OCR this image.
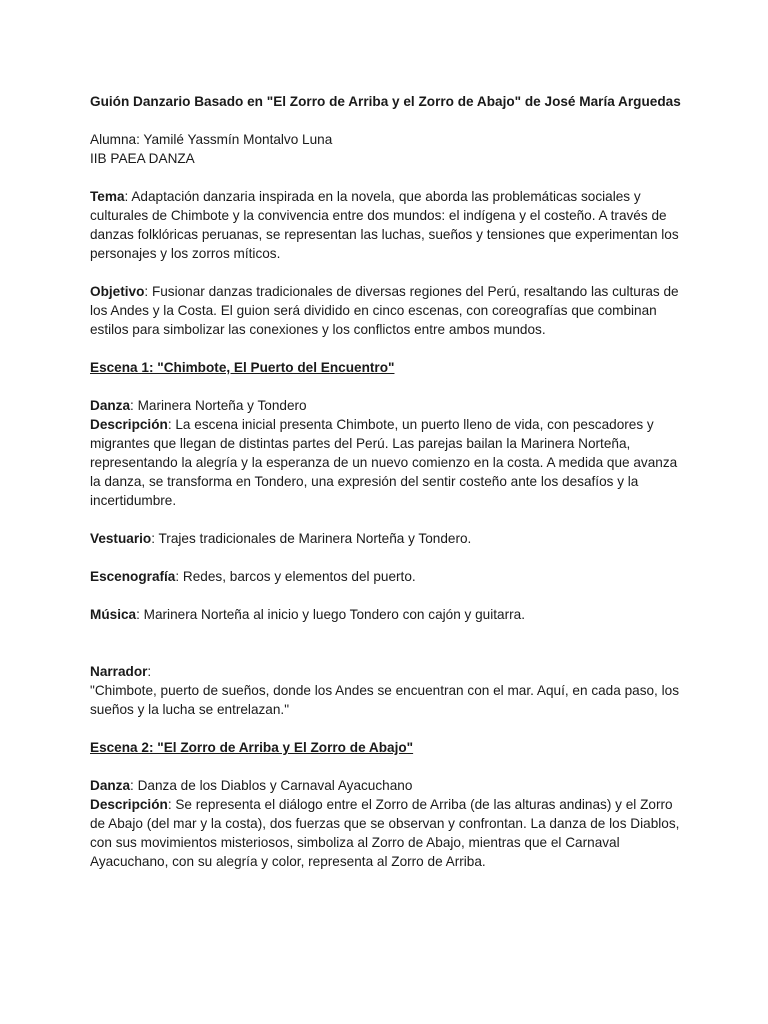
Guión Danzario Basado en "El Zorro de Arriba y el Zorro de Abajo" de José María Arguedas

Alumna: Yamilé Yassmín Montalvo Luna

IIB PAEA DANZA

Tema: Adaptación danzaria inspirada en la novela, que aborda las problemáticas sociales y culturales de Chimbote y la convivencia entre dos mundos: el indígena y el costeño. A través de danzas folklóricas peruanas, se representan las luchas, sueños y tensiones que experimentan los personajes y los zorros míticos.

Objetivo: Fusionar danzas tradicionales de diversas regiones del Perú, resaltando las culturas de los Andes y la Costa. El guion será dividido en cinco escenas, con coreografías que combinan estilos para simbolizar las conexiones y los conflictos entre ambos mundos.

Escena 1: "Chimbote, El Puerto del Encuentro"

Danza: Marinera Norteña y Tondero

Descripción: La escena inicial presenta Chimbote, un puerto lleno de vida, con pescadores y migrantes que llegan de distintas partes del Perú. Las parejas bailan la Marinera Norteña, representando la alegría y la esperanza de un nuevo comienzo en la costa. A medida que avanza la danza, se transforma en Tondero, una expresión del sentir costeño ante los desafíos y la incertidumbre.

Vestuario: Trajes tradicionales de Marinera Norteña y Tondero.

Escenografía: Redes, barcos y elementos del puerto.

Música: Marinera Norteña al inicio y luego Tondero con cajón y guitarra.

Narrador:

"Chimbote, puerto de sueños, donde los Andes se encuentran con el mar. Aquí, en cada paso, los sueños y la lucha se entrelazan."

Escena 2: "El Zorro de Arriba y El Zorro de Abajo"

Danza: Danza de los Diablos y Carnaval Ayacuchano

Descripción: Se representa el diálogo entre el Zorro de Arriba (de las alturas andinas) y el Zorro de Abajo (del mar y la costa), dos fuerzas que se observan y confrontan. La danza de los Diablos, con sus movimientos misteriosos, simboliza al Zorro de Abajo, mientras que el Carnaval Ayacuchano, con su alegría y color, representa al Zorro de Arriba.
